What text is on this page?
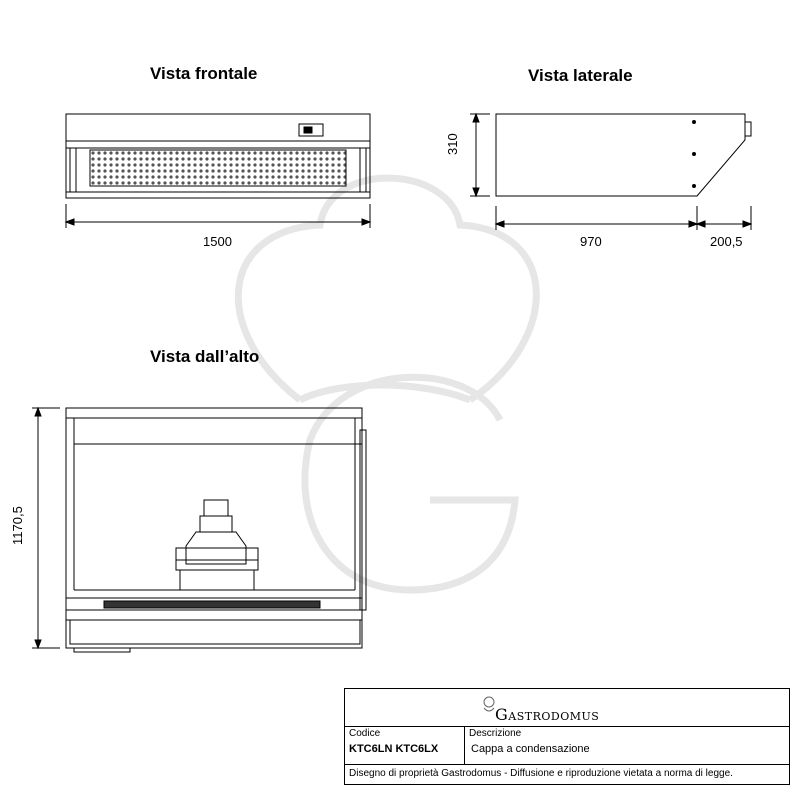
Vista frontale	Vista laterale
Vista dall’alto
1500
310
970	200,5
1170,5
Gastrodomus
Codice
KTC6LN KTC6LX
Descrizione
Cappa a condensazione
Disegno di proprietà Gastrodomus - Diffusione e riproduzione vietata a norma di legge.
